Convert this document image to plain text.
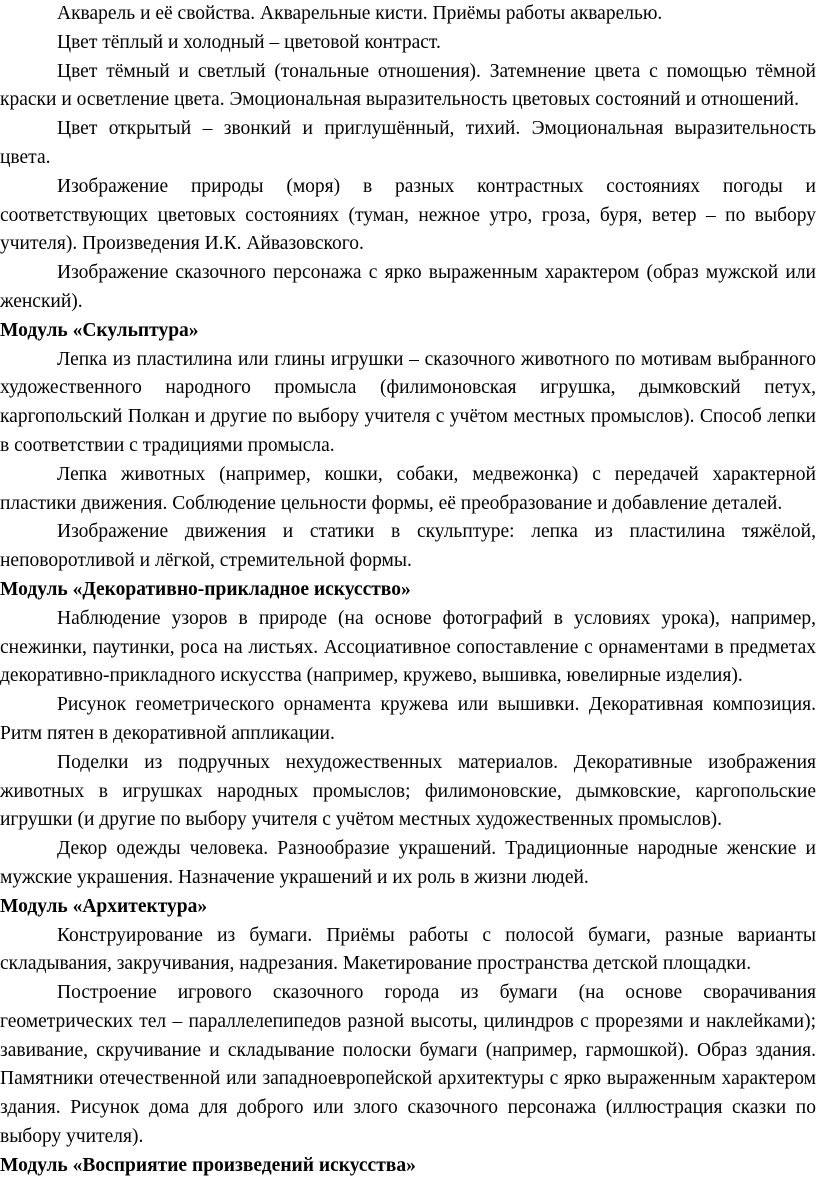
Акварель и её свойства. Акварельные кисти. Приёмы работы акварелью.

Цвет тёплый и холодный – цветовой контраст.

Цвет тёмный и светлый (тональные отношения). Затемнение цвета с помощью тёмной краски и осветление цвета. Эмоциональная выразительность цветовых состояний и отношений.

Цвет открытый – звонкий и приглушённый, тихий. Эмоциональная выразительность цвета.

Изображение природы (моря) в разных контрастных состояниях погоды и соответствующих цветовых состояниях (туман, нежное утро, гроза, буря, ветер – по выбору учителя). Произведения И.К. Айвазовского.

Изображение сказочного персонажа с ярко выраженным характером (образ мужской или женский).

Модуль «Скульптура»

Лепка из пластилина или глины игрушки – сказочного животного по мотивам выбранного художественного народного промысла (филимоновская игрушка, дымковский петух, каргопольский Полкан и другие по выбору учителя с учётом местных промыслов). Способ лепки в соответствии с традициями промысла.

Лепка животных (например, кошки, собаки, медвежонка) с передачей характерной пластики движения. Соблюдение цельности формы, её преобразование и добавление деталей.

Изображение движения и статики в скульптуре: лепка из пластилина тяжёлой, неповоротливой и лёгкой, стремительной формы.

Модуль «Декоративно-прикладное искусство»

Наблюдение узоров в природе (на основе фотографий в условиях урока), например, снежинки, паутинки, роса на листьях. Ассоциативное сопоставление с орнаментами в предметах декоративно-прикладного искусства (например, кружево, вышивка, ювелирные изделия).

Рисунок геометрического орнамента кружева или вышивки. Декоративная композиция. Ритм пятен в декоративной аппликации.

Поделки из подручных нехудожественных материалов. Декоративные изображения животных в игрушках народных промыслов; филимоновские, дымковские, каргопольские игрушки (и другие по выбору учителя с учётом местных художественных промыслов).

Декор одежды человека. Разнообразие украшений. Традиционные народные женские и мужские украшения. Назначение украшений и их роль в жизни людей.

Модуль «Архитектура»

Конструирование из бумаги. Приёмы работы с полосой бумаги, разные варианты складывания, закручивания, надрезания. Макетирование пространства детской площадки.

Построение игрового сказочного города из бумаги (на основе сворачивания геометрических тел – параллелепипедов разной высоты, цилиндров с прорезями и наклейками); завивание, скручивание и складывание полоски бумаги (например, гармошкой). Образ здания. Памятники отечественной или западноевропейской архитектуры с ярко выраженным характером здания. Рисунок дома для доброго или злого сказочного персонажа (иллюстрация сказки по выбору учителя).

Модуль «Восприятие произведений искусства»
